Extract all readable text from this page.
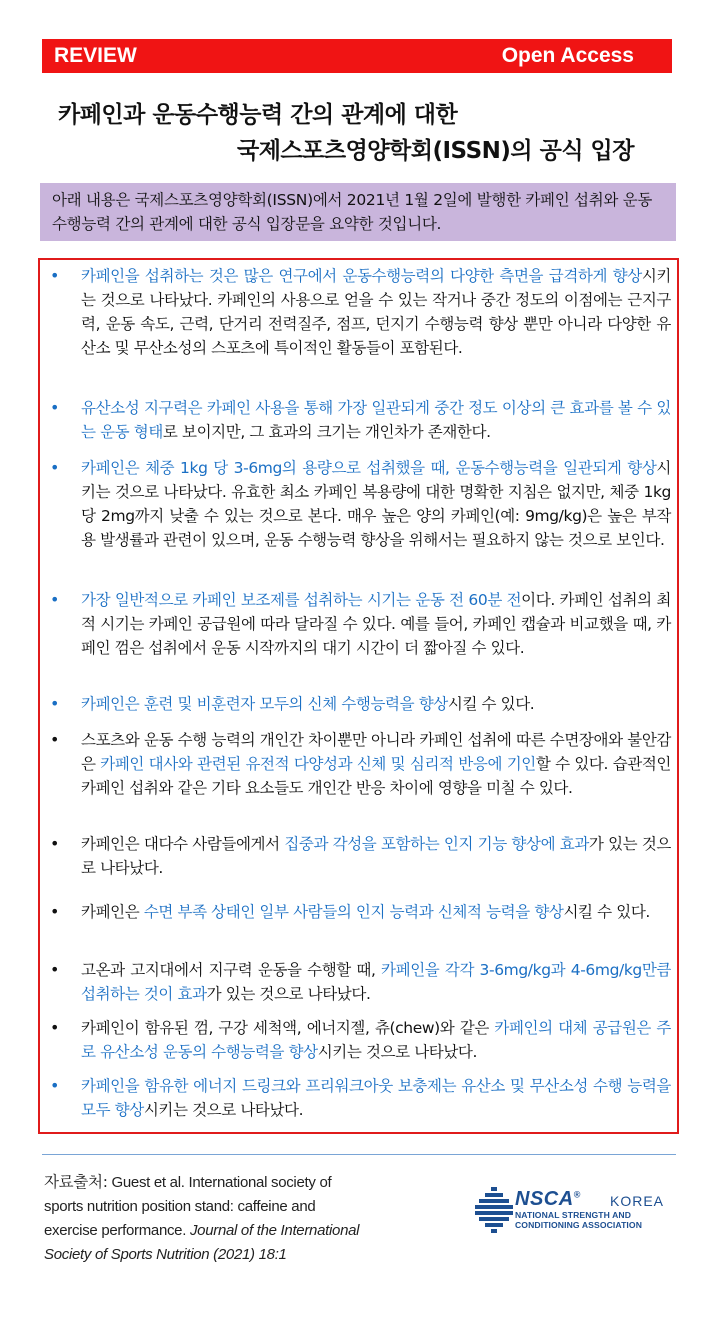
REVIEW	Open Access
카페인과 운동수행능력 간의 관계에 대한
국제스포츠영양학회(ISSN)의 공식 입장
아래 내용은 국제스포츠영양학회(ISSN)에서 2021년 1월 2일에 발행한 카페인 섭취와 운동수행능력 간의 관계에 대한 공식 입장문을 요약한 것입니다.
• 카페인을 섭취하는 것은 많은 연구에서 운동수행능력의 다양한 측면을 급격하게 향상시키는 것으로 나타났다. 카페인의 사용으로 얻을 수 있는 작거나 중간 정도의 이점에는 근지구력, 운동 속도, 근력, 단거리 전력질주, 점프, 던지기 수행능력 향상 뿐만 아니라 다양한 유산소 및 무산소성의 스포츠에 특이적인 활동들이 포함된다.
• 유산소성 지구력은 카페인 사용을 통해 가장 일관되게 중간 정도 이상의 큰 효과를 볼 수 있는 운동 형태로 보이지만, 그 효과의 크기는 개인차가 존재한다.
• 카페인은 체중 1kg 당 3-6mg의 용량으로 섭취했을 때, 운동수행능력을 일관되게 향상시키는 것으로 나타났다. 유효한 최소 카페인 복용량에 대한 명확한 지침은 없지만, 체중 1kg 당 2mg까지 낮출 수 있는 것으로 본다. 매우 높은 양의 카페인(예: 9mg/kg)은 높은 부작용 발생률과 관련이 있으며, 운동 수행능력 향상을 위해서는 필요하지 않는 것으로 보인다.
• 가장 일반적으로 카페인 보조제를 섭취하는 시기는 운동 전 60분 전이다. 카페인 섭취의 최적 시기는 카페인 공급원에 따라 달라질 수 있다. 예를 들어, 카페인 캡슐과 비교했을 때, 카페인 껌은 섭취에서 운동 시작까지의 대기 시간이 더 짧아질 수 있다.
• 카페인은 훈련 및 비훈련자 모두의 신체 수행능력을 향상시킬 수 있다.
• 스포츠와 운동 수행 능력의 개인간 차이뿐만 아니라 카페인 섭취에 따른 수면장애와 불안감은 카페인 대사와 관련된 유전적 다양성과 신체 및 심리적 반응에 기인할 수 있다. 습관적인 카페인 섭취와 같은 기타 요소들도 개인간 반응 차이에 영향을 미칠 수 있다.
• 카페인은 대다수 사람들에게서 집중과 각성을 포함하는 인지 기능 향상에 효과가 있는 것으로 나타났다.
• 카페인은 수면 부족 상태인 일부 사람들의 인지 능력과 신체적 능력을 향상시킬 수 있다.
• 고온과 고지대에서 지구력 운동을 수행할 때, 카페인을 각각 3-6mg/kg과 4-6mg/kg만큼 섭취하는 것이 효과가 있는 것으로 나타났다.
• 카페인이 함유된 껌, 구강 세척액, 에너지젤, 츄(chew)와 같은 카페인의 대체 공급원은 주로 유산소성 운동의 수행능력을 향상시키는 것으로 나타났다.
• 카페인을 함유한 에너지 드링크와 프리워크아웃 보충제는 유산소 및 무산소성 수행 능력을 모두 향상시키는 것으로 나타났다.
자료출처: Guest et al. International society of sports nutrition position stand: caffeine and exercise performance. Journal of the International Society of Sports Nutrition (2021) 18:1
NSCA® KOREA
NATIONAL STRENGTH AND
CONDITIONING ASSOCIATION
